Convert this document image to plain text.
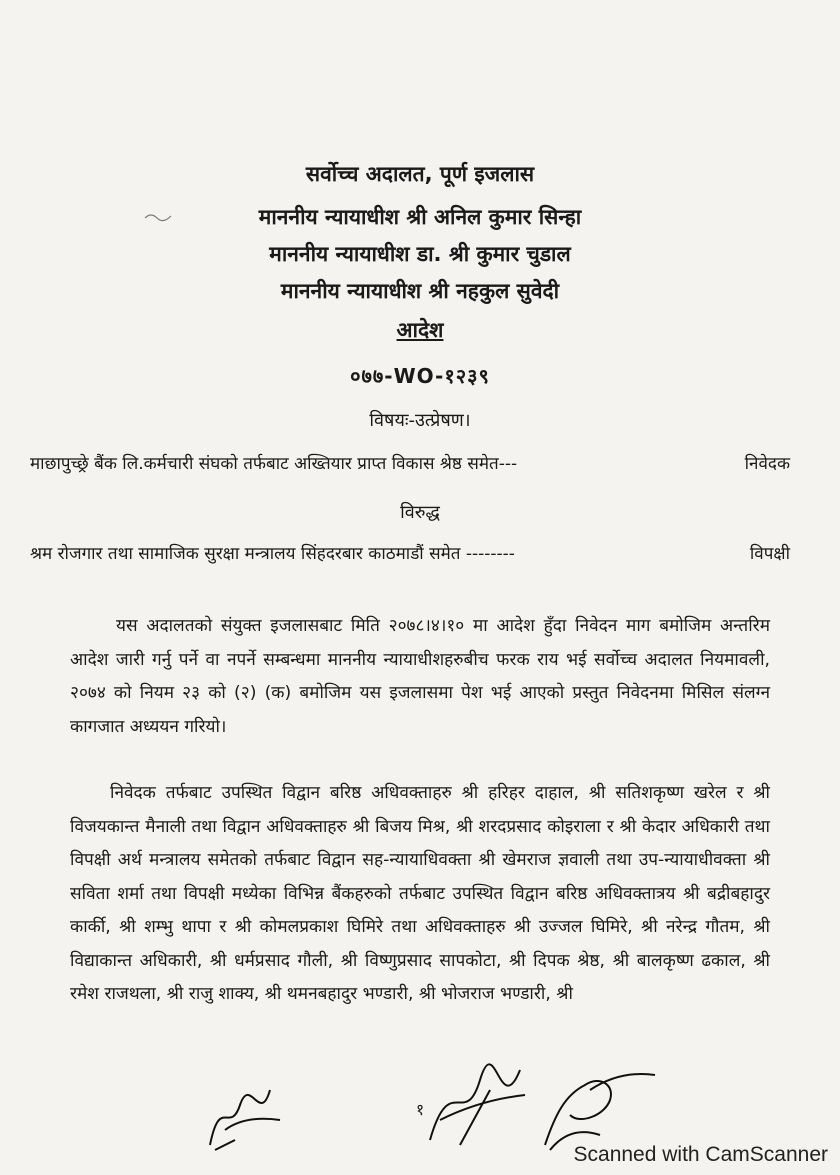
सर्वोच्च अदालत, पूर्ण इजलास
माननीय न्यायाधीश श्री अनिल कुमार सिन्हा
माननीय न्यायाधीश डा. श्री कुमार चुडाल
माननीय न्यायाधीश श्री नहकुल सुवेदी
आदेश
०७७-WO-१२३९
विषयः-उत्प्रेषण।
माछापुच्छ्रे बैंक लि.कर्मचारी संघको तर्फबाट अख्तियार प्राप्त विकास श्रेष्ठ समेत---	निवेदक
विरुद्ध
श्रम रोजगार तथा सामाजिक सुरक्षा मन्त्रालय सिंहदरबार काठमाडौं समेत --------	विपक्षी
यस अदालतको संयुक्त इजलासबाट मिति २०७८।४।१० मा आदेश हुँदा निवेदन माग बमोजिम अन्तरिम आदेश जारी गर्नु पर्ने वा नपर्ने सम्बन्धमा माननीय न्यायाधीशहरुबीच फरक राय भई सर्वोच्च अदालत नियमावली, २०७४ को नियम २३ को (२) (क) बमोजिम यस इजलासमा पेश भई आएको प्रस्तुत निवेदनमा मिसिल संलग्न कागजात अध्ययन गरियो।
निवेदक तर्फबाट उपस्थित विद्वान बरिष्ठ अधिवक्ताहरु श्री हरिहर दाहाल, श्री सतिशकृष्ण खरेल र श्री विजयकान्त मैनाली तथा विद्वान अधिवक्ताहरु श्री बिजय मिश्र, श्री शरदप्रसाद कोइराला र श्री केदार अधिकारी तथा विपक्षी अर्थ मन्त्रालय समेतको तर्फबाट विद्वान सह-न्यायाधिवक्ता श्री खेमराज ज्ञवाली तथा उप-न्यायाधीवक्ता श्री सविता शर्मा तथा विपक्षी मध्येका विभिन्न बैंकहरुको तर्फबाट उपस्थित विद्वान बरिष्ठ अधिवक्तात्रय श्री बद्रीबहादुर कार्की, श्री शम्भु थापा र श्री कोमलप्रकाश घिमिरे तथा अधिवक्ताहरु श्री उज्जल घिमिरे, श्री नरेन्द्र गौतम, श्री विद्याकान्त अधिकारी, श्री धर्मप्रसाद गौली, श्री विष्णुप्रसाद सापकोटा, श्री दिपक श्रेष्ठ, श्री बालकृष्ण ढकाल, श्री रमेश राजथला, श्री राजु शाक्य, श्री थमनबहादुर भण्डारी, श्री भोजराज भण्डारी, श्री
१
Scanned with CamScanner
